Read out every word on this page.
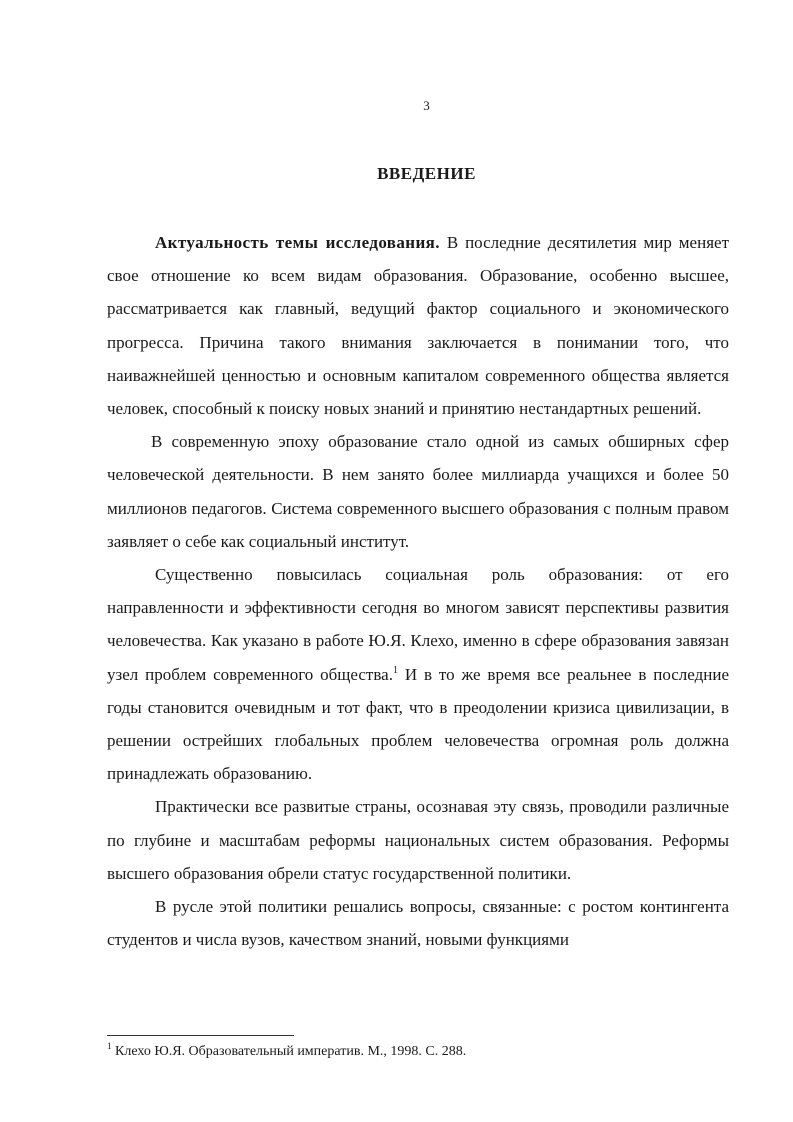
3
ВВЕДЕНИЕ

Актуальность темы исследования. В последние десятилетия мир меняет свое отношение ко всем видам образования. Образование, особенно высшее, рассматривается как главный, ведущий фактор социального и экономического прогресса. Причина такого внимания заключается в понимании того, что наиважнейшей ценностью и основным капиталом современного общества является человек, способный к поиску новых знаний и принятию нестандартных решений.

В современную эпоху образование стало одной из самых обширных сфер человеческой деятельности. В нем занято более миллиарда учащихся и более 50 миллионов педагогов. Система современного высшего образования с полным правом заявляет о себе как социальный институт.

Существенно повысилась социальная роль образования: от его направленности и эффективности сегодня во многом зависят перспективы развития человечества. Как указано в работе Ю.Я. Клехо, именно в сфере образования завязан узел проблем современного общества.$^1$ И в то же время все реальнее в последние годы становится очевидным и тот факт, что в преодолении кризиса цивилизации, в решении острейших глобальных проблем человечества огромная роль должна принадлежать образованию.

Практически все развитые страны, осознавая эту связь, проводили различные по глубине и масштабам реформы национальных систем образования. Реформы высшего образования обрели статус государственной политики.

В русле этой политики решались вопросы, связанные: с ростом контингента студентов и числа вузов, качеством знаний, новыми функциями

$^1$ Клехо Ю.Я. Образовательный императив. М., 1998. С. 288.
